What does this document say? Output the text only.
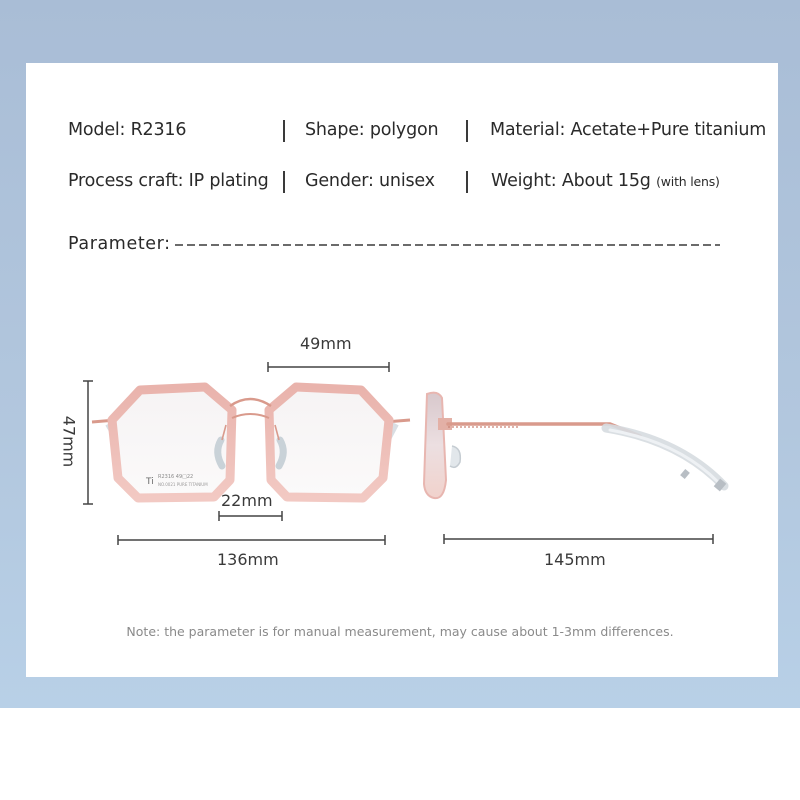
Model: R2316	Shape: polygon	Material: Acetate+Pure titanium
Process craft: IP plating Gender: unisex	Weight: About 15g (with lens)
Parameter:
Ti R2316 49□22
NO.0021 PURE TITANIUM
49mm
47mm
22mm
136mm	145mm
Note: the parameter is for manual measurement, may cause about 1-3mm differences.
